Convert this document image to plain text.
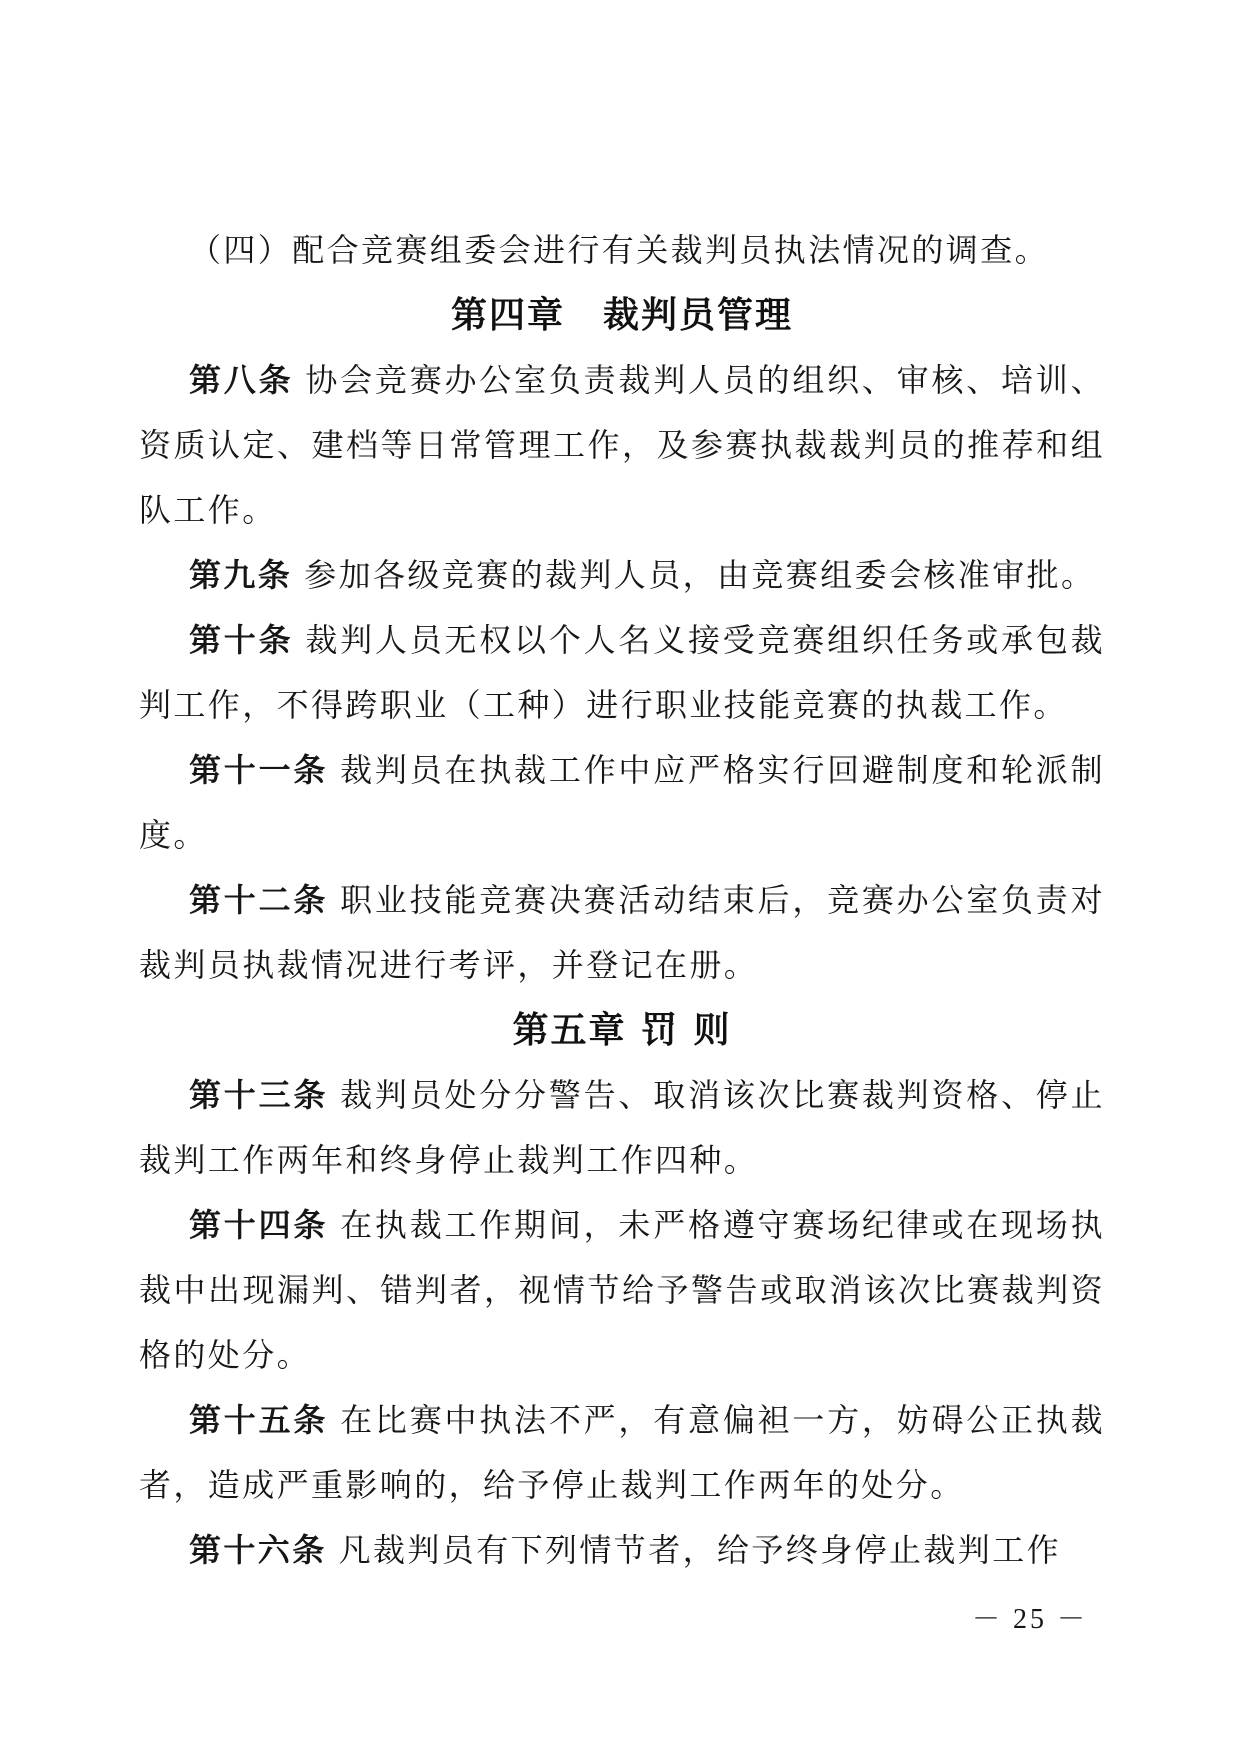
（四）配合竞赛组委会进行有关裁判员执法情况的调查。

第四章　裁判员管理

第八条 协会竞赛办公室负责裁判人员的组织、审核、培训、资质认定、建档等日常管理工作，及参赛执裁裁判员的推荐和组队工作。

第九条 参加各级竞赛的裁判人员，由竞赛组委会核准审批。

第十条 裁判人员无权以个人名义接受竞赛组织任务或承包裁判工作，不得跨职业（工种）进行职业技能竞赛的执裁工作。

第十一条 裁判员在执裁工作中应严格实行回避制度和轮派制度。

第十二条 职业技能竞赛决赛活动结束后，竞赛办公室负责对裁判员执裁情况进行考评，并登记在册。

第五章 罚 则

第十三条 裁判员处分分警告、取消该次比赛裁判资格、停止裁判工作两年和终身停止裁判工作四种。

第十四条 在执裁工作期间，未严格遵守赛场纪律或在现场执裁中出现漏判、错判者，视情节给予警告或取消该次比赛裁判资格的处分。

第十五条 在比赛中执法不严，有意偏袒一方，妨碍公正执裁者，造成严重影响的，给予停止裁判工作两年的处分。

第十六条 凡裁判员有下列情节者，给予终身停止裁判工作

－ 25 －
